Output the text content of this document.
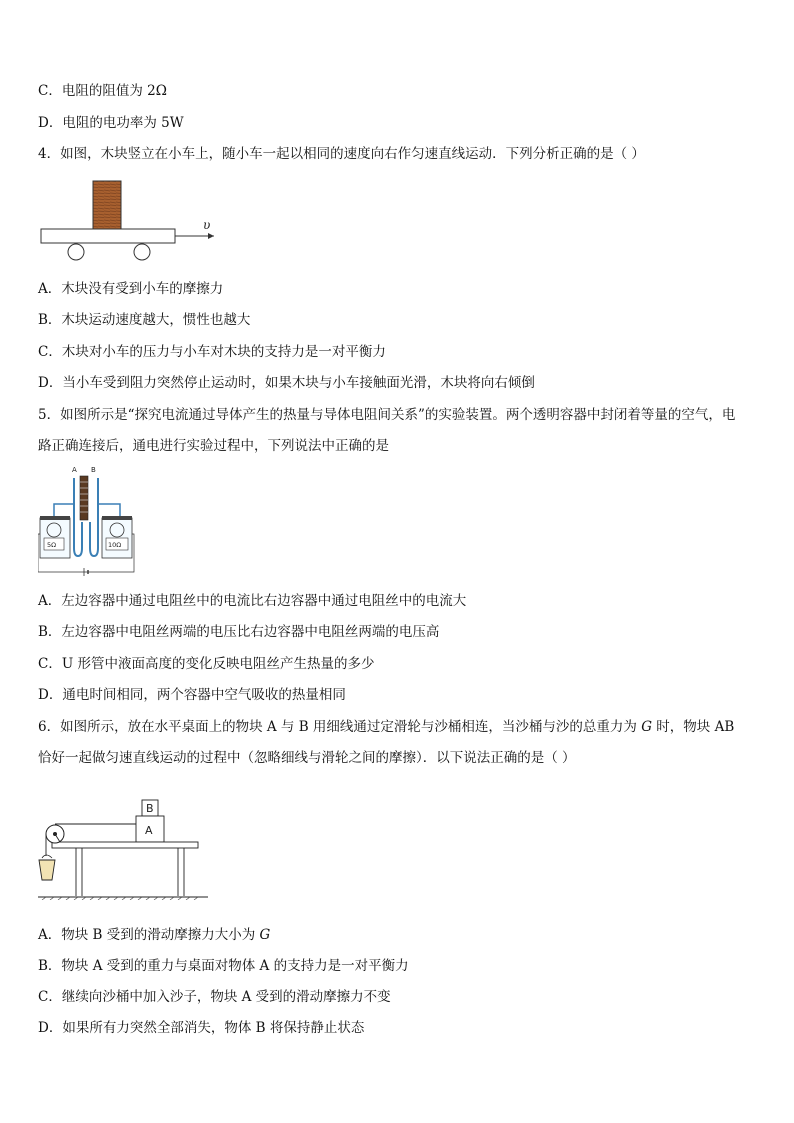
C．电阻的阻值为 2Ω
D．电阻的电功率为 5W
4．如图，木块竖立在小车上，随小车一起以相同的速度向右作匀速直线运动．下列分析正确的是（ ）
υ
A．木块没有受到小车的摩擦力
B．木块运动速度越大，惯性也越大
C．木块对小车的压力与小车对木块的支持力是一对平衡力
D．当小车受到阻力突然停止运动时，如果木块与小车接触面光滑，木块将向右倾倒
5．如图所示是“探究电流通过导体产生的热量与导体电阻间关系”的实验装置。两个透明容器中封闭着等量的空气，电
路正确连接后，通电进行实验过程中，下列说法中正确的是
A B
5Ω	10Ω
A．左边容器中通过电阻丝中的电流比右边容器中通过电阻丝中的电流大
B．左边容器中电阻丝两端的电压比右边容器中电阻丝两端的电压高
C．U 形管中液面高度的变化反映电阻丝产生热量的多少
D．通电时间相同，两个容器中空气吸收的热量相同
6．如图所示，放在水平桌面上的物块 A 与 B 用细线通过定滑轮与沙桶相连，当沙桶与沙的总重力为 G 时，物块 AB
恰好一起做匀速直线运动的过程中（忽略细线与滑轮之间的摩擦）．以下说法正确的是（ ）
B
A
A．物块 B 受到的滑动摩擦力大小为 G
B．物块 A 受到的重力与桌面对物体 A 的支持力是一对平衡力
C．继续向沙桶中加入沙子，物块 A 受到的滑动摩擦力不变
D．如果所有力突然全部消失，物体 B 将保持静止状态
